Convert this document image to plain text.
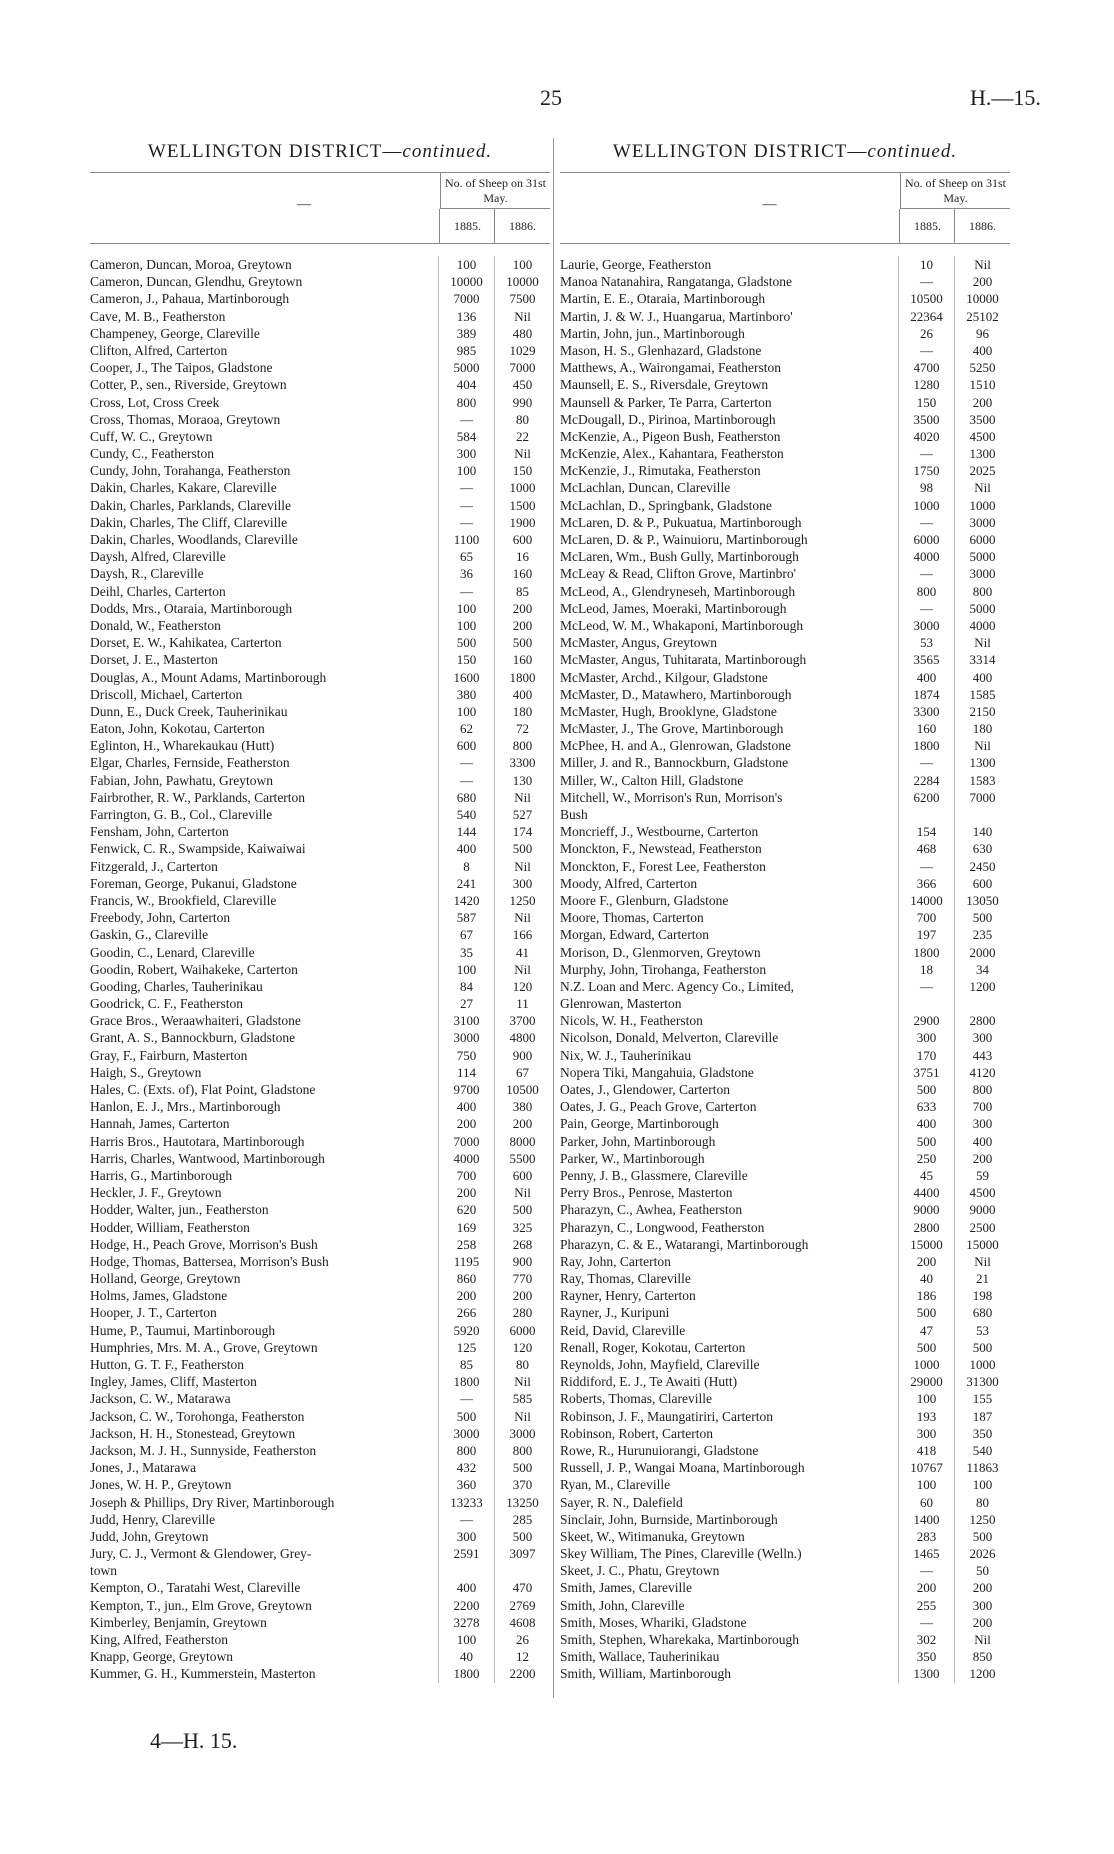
25	H.—15.
WELLINGTON DISTRICT—continued.
—
No. of Sheep on 31st May.
1885.	1886.
Cameron, Duncan, Moroa, Greytown	100	100
Cameron, Duncan, Glendhu, Greytown	10000	10000
Cameron, J., Pahaua, Martinborough	7000	7500
Cave, M. B., Featherston	136	Nil
Champeney, George, Clareville	389	480
Clifton, Alfred, Carterton	985	1029
Cooper, J., The Taipos, Gladstone	5000	7000
Cotter, P., sen., Riverside, Greytown	404	450
Cross, Lot, Cross Creek	800	990
Cross, Thomas, Moraoa, Greytown	—	80
Cuff, W. C., Greytown	584	22
Cundy, C., Featherston	300	Nil
Cundy, John, Torahanga, Featherston	100	150
Dakin, Charles, Kakare, Clareville	—	1000
Dakin, Charles, Parklands, Clareville	—	1500
Dakin, Charles, The Cliff, Clareville	—	1900
Dakin, Charles, Woodlands, Clareville	1100	600
Daysh, Alfred, Clareville	65	16
Daysh, R., Clareville	36	160
Deihl, Charles, Carterton	—	85
Dodds, Mrs., Otaraia, Martinborough	100	200
Donald, W., Featherston	100	200
Dorset, E. W., Kahikatea, Carterton	500	500
Dorset, J. E., Masterton	150	160
Douglas, A., Mount Adams, Martinborough	1600	1800
Driscoll, Michael, Carterton	380	400
Dunn, E., Duck Creek, Tauherinikau	100	180
Eaton, John, Kokotau, Carterton	62	72
Eglinton, H., Wharekaukau (Hutt)	600	800
Elgar, Charles, Fernside, Featherston	—	3300
Fabian, John, Pawhatu, Greytown	—	130
Fairbrother, R. W., Parklands, Carterton	680	Nil
Farrington, G. B., Col., Clareville	540	527
Fensham, John, Carterton	144	174
Fenwick, C. R., Swampside, Kaiwaiwai	400	500
Fitzgerald, J., Carterton	8	Nil
Foreman, George, Pukanui, Gladstone	241	300
Francis, W., Brookfield, Clareville	1420	1250
Freebody, John, Carterton	587	Nil
Gaskin, G., Clareville	67	166
Goodin, C., Lenard, Clareville	35	41
Goodin, Robert, Waihakeke, Carterton	100	Nil
Gooding, Charles, Tauherinikau	84	120
Goodrick, C. F., Featherston	27	11
Grace Bros., Weraawhaiteri, Gladstone	3100	3700
Grant, A. S., Bannockburn, Gladstone	3000	4800
Gray, F., Fairburn, Masterton	750	900
Haigh, S., Greytown	114	67
Hales, C. (Exts. of), Flat Point, Gladstone	9700	10500
Hanlon, E. J., Mrs., Martinborough	400	380
Hannah, James, Carterton	200	200
Harris Bros., Hautotara, Martinborough	7000	8000
Harris, Charles, Wantwood, Martinborough	4000	5500
Harris, G., Martinborough	700	600
Heckler, J. F., Greytown	200	Nil
Hodder, Walter, jun., Featherston	620	500
Hodder, William, Featherston	169	325
Hodge, H., Peach Grove, Morrison's Bush	258	268
Hodge, Thomas, Battersea, Morrison's Bush	1195	900
Holland, George, Greytown	860	770
Holms, James, Gladstone	200	200
Hooper, J. T., Carterton	266	280
Hume, P., Taumui, Martinborough	5920	6000
Humphries, Mrs. M. A., Grove, Greytown	125	120
Hutton, G. T. F., Featherston	85	80
Ingley, James, Cliff, Masterton	1800	Nil
Jackson, C. W., Matarawa	—	585
Jackson, C. W., Torohonga, Featherston	500	Nil
Jackson, H. H., Stonestead, Greytown	3000	3000
Jackson, M. J. H., Sunnyside, Featherston	800	800
Jones, J., Matarawa	432	500
Jones, W. H. P., Greytown	360	370
Joseph & Phillips, Dry River, Martinborough	13233	13250
Judd, Henry, Clareville	—	285
Judd, John, Greytown	300	500
Jury, C. J., Vermont & Glendower, Grey-	2591	3097
town
Kempton, O., Taratahi West, Clareville	400	470
Kempton, T., jun., Elm Grove, Greytown	2200	2769
Kimberley, Benjamin, Greytown	3278	4608
King, Alfred, Featherston	100	26
Knapp, George, Greytown	40	12
Kummer, G. H., Kummerstein, Masterton	1800	2200
WELLINGTON DISTRICT—continued.
—
No. of Sheep on 31st May.
1885.	1886.
Laurie, George, Featherston	10	Nil
Manoa Natanahira, Rangatanga, Gladstone	—	200
Martin, E. E., Otaraia, Martinborough	10500	10000
Martin, J. & W. J., Huangarua, Martinboro'	22364	25102
Martin, John, jun., Martinborough	26	96
Mason, H. S., Glenhazard, Gladstone	—	400
Matthews, A., Wairongamai, Featherston	4700	5250
Maunsell, E. S., Riversdale, Greytown	1280	1510
Maunsell & Parker, Te Parra, Carterton	150	200
McDougall, D., Pirinoa, Martinborough	3500	3500
McKenzie, A., Pigeon Bush, Featherston	4020	4500
McKenzie, Alex., Kahantara, Featherston	—	1300
McKenzie, J., Rimutaka, Featherston	1750	2025
McLachlan, Duncan, Clareville	98	Nil
McLachlan, D., Springbank, Gladstone	1000	1000
McLaren, D. & P., Pukuatua, Martinborough	—	3000
McLaren, D. & P., Wainuioru, Martinborough	6000	6000
McLaren, Wm., Bush Gully, Martinborough	4000	5000
McLeay & Read, Clifton Grove, Martinbro'	—	3000
McLeod, A., Glendryneseh, Martinborough	800	800
McLeod, James, Moeraki, Martinborough	—	5000
McLeod, W. M., Whakaponi, Martinborough	3000	4000
McMaster, Angus, Greytown	53	Nil
McMaster, Angus, Tuhitarata, Martinborough	3565	3314
McMaster, Archd., Kilgour, Gladstone	400	400
McMaster, D., Matawhero, Martinborough	1874	1585
McMaster, Hugh, Brooklyne, Gladstone	3300	2150
McMaster, J., The Grove, Martinborough	160	180
McPhee, H. and A., Glenrowan, Gladstone	1800	Nil
Miller, J. and R., Bannockburn, Gladstone	—	1300
Miller, W., Calton Hill, Gladstone	2284	1583
Mitchell, W., Morrison's Run, Morrison's	6200	7000
Bush
Moncrieff, J., Westbourne, Carterton	154	140
Monckton, F., Newstead, Featherston	468	630
Monckton, F., Forest Lee, Featherston	—	2450
Moody, Alfred, Carterton	366	600
Moore F., Glenburn, Gladstone	14000	13050
Moore, Thomas, Carterton	700	500
Morgan, Edward, Carterton	197	235
Morison, D., Glenmorven, Greytown	1800	2000
Murphy, John, Tirohanga, Featherston	18	34
N.Z. Loan and Merc. Agency Co., Limited,	—	1200
Glenrowan, Masterton
Nicols, W. H., Featherston	2900	2800
Nicolson, Donald, Melverton, Clareville	300	300
Nix, W. J., Tauherinikau	170	443
Nopera Tiki, Mangahuia, Gladstone	3751	4120
Oates, J., Glendower, Carterton	500	800
Oates, J. G., Peach Grove, Carterton	633	700
Pain, George, Martinborough	400	300
Parker, John, Martinborough	500	400
Parker, W., Martinborough	250	200
Penny, J. B., Glassmere, Clareville	45	59
Perry Bros., Penrose, Masterton	4400	4500
Pharazyn, C., Awhea, Featherston	9000	9000
Pharazyn, C., Longwood, Featherston	2800	2500
Pharazyn, C. & E., Watarangi, Martinborough	15000	15000
Ray, John, Carterton	200	Nil
Ray, Thomas, Clareville	40	21
Rayner, Henry, Carterton	186	198
Rayner, J., Kuripuni	500	680
Reid, David, Clareville	47	53
Renall, Roger, Kokotau, Carterton	500	500
Reynolds, John, Mayfield, Clareville	1000	1000
Riddiford, E. J., Te Awaiti (Hutt)	29000	31300
Roberts, Thomas, Clareville	100	155
Robinson, J. F., Maungatiriri, Carterton	193	187
Robinson, Robert, Carterton	300	350
Rowe, R., Hurunuiorangi, Gladstone	418	540
Russell, J. P., Wangai Moana, Martinborough	10767	11863
Ryan, M., Clareville	100	100
Sayer, R. N., Dalefield	60	80
Sinclair, John, Burnside, Martinborough	1400	1250
Skeet, W., Witimanuka, Greytown	283	500
Skey William, The Pines, Clareville (Welln.)	1465	2026
Skeet, J. C., Phatu, Greytown	—	50
Smith, James, Clareville	200	200
Smith, John, Clareville	255	300
Smith, Moses, Whariki, Gladstone	—	200
Smith, Stephen, Wharekaka, Martinborough	302	Nil
Smith, Wallace, Tauherinikau	350	850
Smith, William, Martinborough	1300	1200
4—H. 15.
